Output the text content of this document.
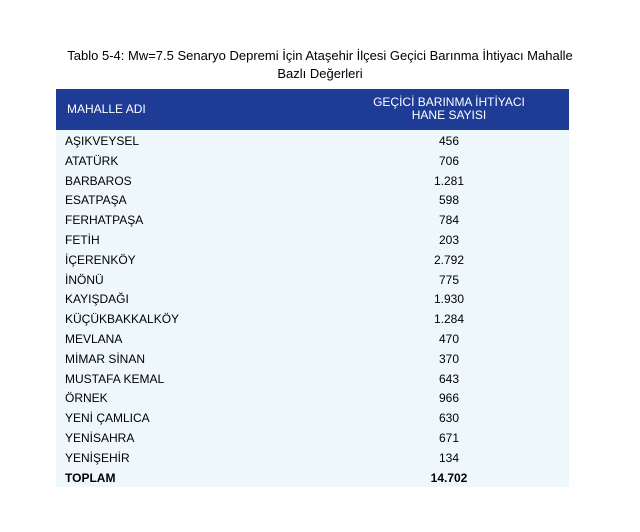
Tablo 5-4: Mw=7.5 Senaryo Depremi İçin Ataşehir İlçesi Geçici Barınma İhtiyacı Mahalle
Bazlı Değerleri
MAHALLE ADI	GEÇİCİ BARINMA İHTİYACI
HANE SAYISI
AŞIKVEYSEL	456
ATATÜRK	706
BARBAROS	1.281
ESATPAŞA	598
FERHATPAŞA	784
FETİH	203
İÇERENKÖY	2.792
İNÖNÜ	775
KAYIŞDAĞI	1.930
KÜÇÜKBAKKALKÖY	1.284
MEVLANA	470
MİMAR SİNAN	370
MUSTAFA KEMAL	643
ÖRNEK	966
YENİ ÇAMLICA	630
YENİSAHRA	671
YENİŞEHİR	134
TOPLAM	14.702
